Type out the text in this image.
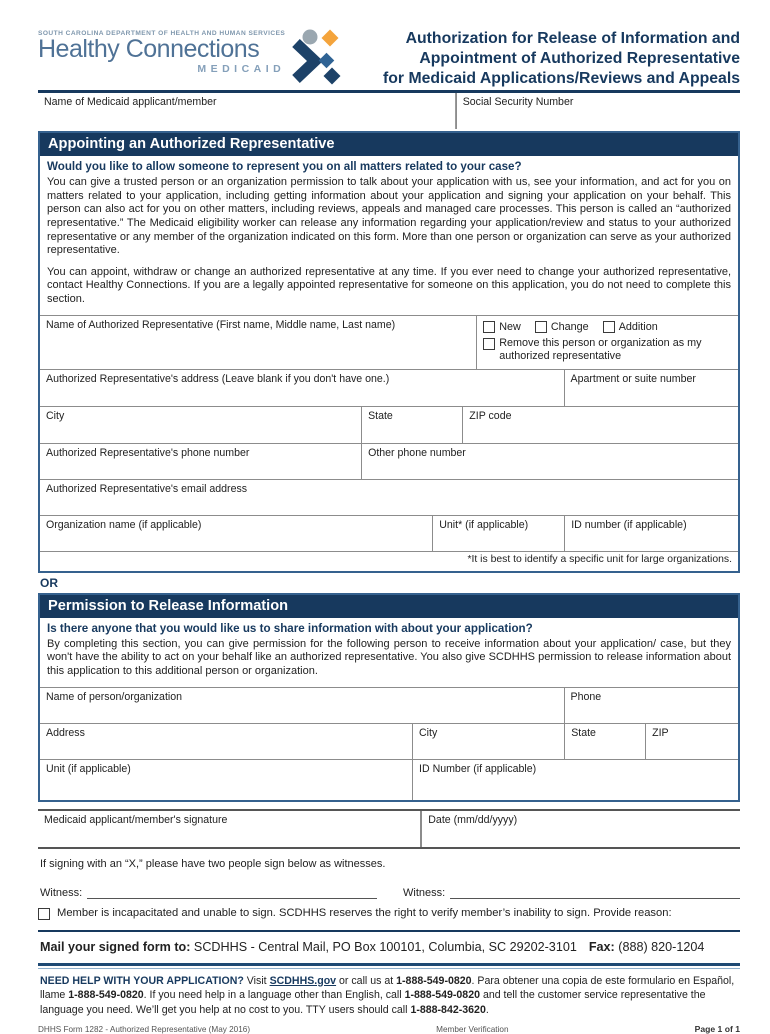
SOUTH CAROLINA DEPARTMENT OF HEALTH AND HUMAN SERVICES
Healthy Connections
MEDICAID
Authorization for Release of Information and
Appointment of Authorized Representative
for Medicaid Applications/Reviews and Appeals
Name of Medicaid applicant/member	Social Security Number
Appointing an Authorized Representative
Would you like to allow someone to represent you on all matters related to your case?

You can give a trusted person or an organization permission to talk about your application with us, see your information, and act for you on matters related to your application, including getting information about your application and signing your application on your behalf. This person can also act for you on other matters, including reviews, appeals and managed care processes. This person is called an “authorized representative.” The Medicaid eligibility worker can release any information regarding your application/review and status to your authorized representative or any member of the organization indicated on this form. More than one person or organization can serve as your authorized representative.

You can appoint, withdraw or change an authorized representative at any time. If you ever need to change your authorized representative, contact Healthy Connections. If you are a legally appointed representative for someone on this application, you do not need to complete this section.

Name of Authorized Representative (First name, Middle name, Last name)	New	Change	Addition
Remove this person or organization as my authorized representative
Authorized Representative's address (Leave blank if you don't have one.)	Apartment or suite number
City	State	ZIP code
Authorized Representative's phone number	Other phone number
Authorized Representative's email address
Organization name (if applicable)	Unit* (if applicable)	ID number (if applicable)
*It is best to identify a specific unit for large organizations.
OR
Permission to Release Information
Is there anyone that you would like us to share information with about your application?

By completing this section, you can give permission for the following person to receive information about your application/ case, but they won't have the ability to act on your behalf like an authorized representative. You also give SCDHHS permission to release information about this application to this additional person or organization.

Name of person/organization	Phone
Address	City	State	ZIP
Unit (if applicable)	ID Number (if applicable)
Medicaid applicant/member's signature	Date (mm/dd/yyyy)
If signing with an “X,” please have two people sign below as witnesses.
Witness:	Witness:
Member is incapacitated and unable to sign. SCDHHS reserves the right to verify member’s inability to sign. Provide reason:
Mail your signed form to: SCDHHS - Central Mail, PO Box 100101, Columbia, SC 29202-3101 Fax: (888) 820-1204
NEED HELP WITH YOUR APPLICATION? Visit SCDHHS.gov or call us at 1-888-549-0820. Para obtener una copia de este formulario en Español, llame 1-888-549-0820. If you need help in a language other than English, call 1-888-549-0820 and tell the customer service representative the language you need. We’ll get you help at no cost to you. TTY users should call 1-888-842-3620.
DHHS Form 1282 - Authorized Representative (May 2016)	Member Verification	Page 1 of 1
